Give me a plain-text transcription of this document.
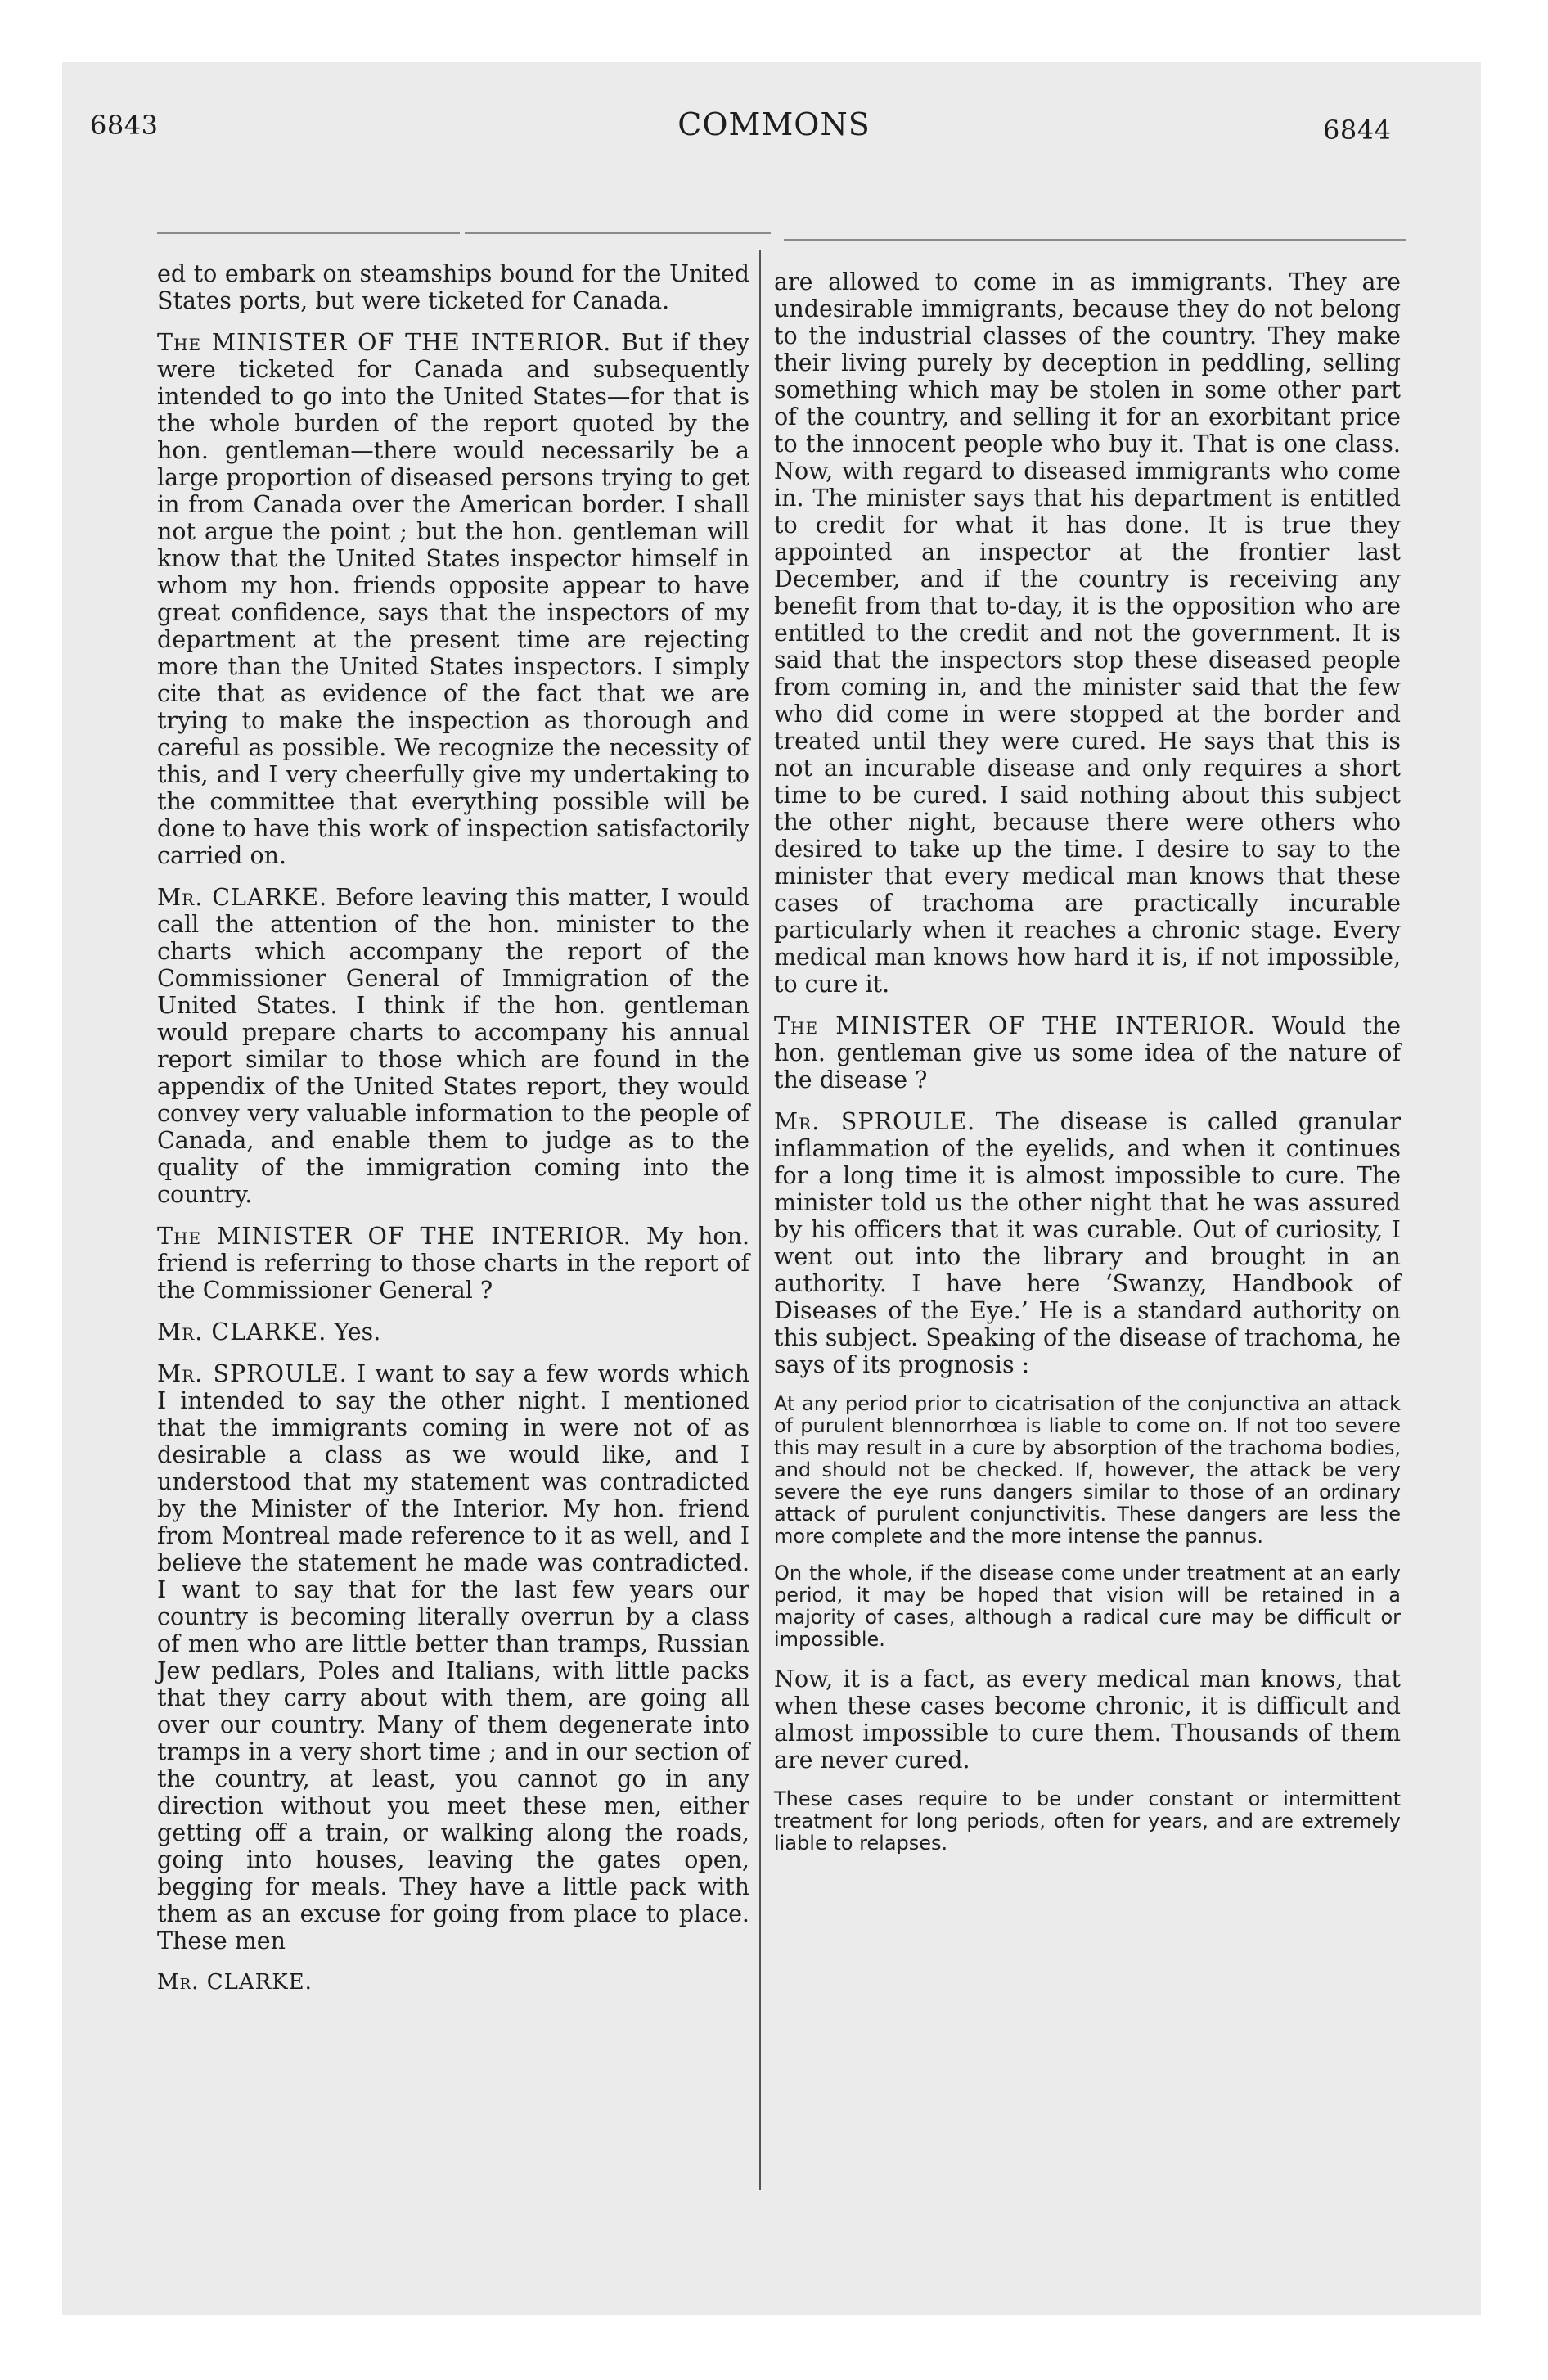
6843	COMMONS	6844

ed to embark on steamships bound for the United States ports, but were ticketed for Canada.

The MINISTER OF THE INTERIOR. But if they were ticketed for Canada and subsequently intended to go into the United States—for that is the whole burden of the report quoted by the hon. gentleman—there would necessarily be a large proportion of diseased persons trying to get in from Canada over the American border. I shall not argue the point ; but the hon. gentleman will know that the United States inspector himself in whom my hon. friends opposite appear to have great confidence, says that the inspectors of my department at the present time are rejecting more than the United States inspectors. I simply cite that as evidence of the fact that we are trying to make the inspection as thorough and careful as possible. We recognize the necessity of this, and I very cheerfully give my undertaking to the committee that everything possible will be done to have this work of inspection satisfactorily carried on.

Mr. CLARKE. Before leaving this matter, I would call the attention of the hon. minister to the charts which accompany the report of the Commissioner General of Immigration of the United States. I think if the hon. gentleman would prepare charts to accompany his annual report similar to those which are found in the appendix of the United States report, they would convey very valuable information to the people of Canada, and enable them to judge as to the quality of the immigration coming into the country.

The MINISTER OF THE INTERIOR. My hon. friend is referring to those charts in the report of the Commissioner General ?

Mr. CLARKE. Yes.

Mr. SPROULE. I want to say a few words which I intended to say the other night. I mentioned that the immigrants coming in were not of as desirable a class as we would like, and I understood that my statement was contradicted by the Minister of the Interior. My hon. friend from Montreal made reference to it as well, and I believe the statement he made was contradicted. I want to say that for the last few years our country is becoming literally overrun by a class of men who are little better than tramps, Russian Jew pedlars, Poles and Italians, with little packs that they carry about with them, are going all over our country. Many of them degenerate into tramps in a very short time ; and in our section of the country, at least, you cannot go in any direction without you meet these men, either getting off a train, or walking along the roads, going into houses, leaving the gates open, begging for meals. They have a little pack with them as an excuse for going from place to place. These men

Mr. CLARKE.

are allowed to come in as immigrants. They are undesirable immigrants, because they do not belong to the industrial classes of the country. They make their living purely by deception in peddling, selling something which may be stolen in some other part of the country, and selling it for an exorbitant price to the innocent people who buy it. That is one class. Now, with regard to diseased immigrants who come in. The minister says that his department is entitled to credit for what it has done. It is true they appointed an inspector at the frontier last December, and if the country is receiving any benefit from that to-day, it is the opposition who are entitled to the credit and not the government. It is said that the inspectors stop these diseased people from coming in, and the minister said that the few who did come in were stopped at the border and treated until they were cured. He says that this is not an incurable disease and only requires a short time to be cured. I said nothing about this subject the other night, because there were others who desired to take up the time. I desire to say to the minister that every medical man knows that these cases of trachoma are practically incurable particularly when it reaches a chronic stage. Every medical man knows how hard it is, if not impossible, to cure it.

The MINISTER OF THE INTERIOR. Would the hon. gentleman give us some idea of the nature of the disease ?

Mr. SPROULE. The disease is called granular inflammation of the eyelids, and when it continues for a long time it is almost impossible to cure. The minister told us the other night that he was assured by his officers that it was curable. Out of curiosity, I went out into the library and brought in an authority. I have here ‘Swanzy, Handbook of Diseases of the Eye.’ He is a standard authority on this subject. Speaking of the disease of trachoma, he says of its prognosis :

At any period prior to cicatrisation of the conjunctiva an attack of purulent blennorrhœa is liable to come on. If not too severe this may result in a cure by absorption of the trachoma bodies, and should not be checked. If, however, the attack be very severe the eye runs dangers similar to those of an ordinary attack of purulent conjunctivitis. These dangers are less the more complete and the more intense the pannus.

On the whole, if the disease come under treatment at an early period, it may be hoped that vision will be retained in a majority of cases, although a radical cure may be difficult or impossible.

Now, it is a fact, as every medical man knows, that when these cases become chronic, it is difficult and almost impossible to cure them. Thousands of them are never cured.

These cases require to be under constant or intermittent treatment for long periods, often for years, and are extremely liable to relapses.
